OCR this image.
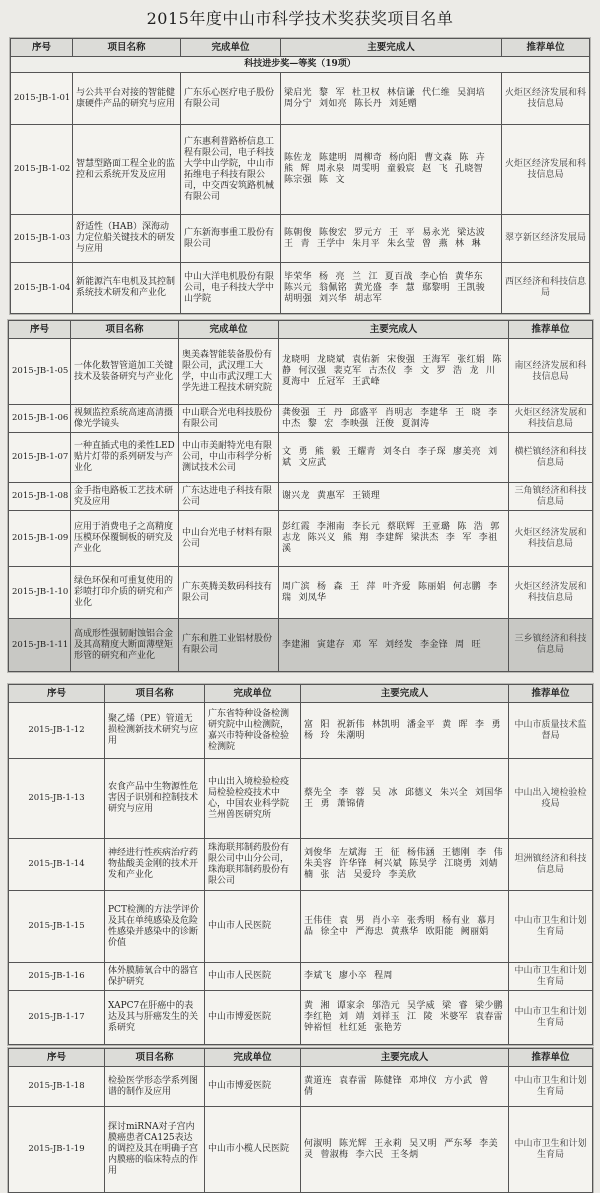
2015年度中山市科学技术奖获奖项目名单
序号	项目名称	完成单位	主要完成人	推荐单位
科技进步奖—等奖（19项）				
2015-JB-1-01	与公共平台对接的智能健康硬件产品的研究与应用	广东乐心医疗电子股份有限公司	梁启光 黎 军 杜卫权 林信谦 代仁维 吴润培 周分宁 刘如亮 陈长丹 刘延赠	火炬区经济发展和科技信息局
2015-JB-1-02	智慧型路面工程全业的监控和云系统开发及应用	广东惠利普路桥信息工程有限公司，电子科技大学中山学院，中山市拓维电子科技有限公司，中交西安筑路机械有限公司	陈佐龙 陈建明 周柳奇 杨向阳 曹文森 陈 卉 熊 辉 周永泉 周雯明 童毅宸 赵 飞 孔晓智 陈宗强 陈 文	火炬区经济发展和科技信息局
2015-JB-1-03	舒适性（HAB）深海动力定位船关键技术的研发与应用	广东新海事重工股份有限公司	陈朝俊 陈俊宏 罗元方 王 平 易永光 梁达波 王 青 王学中 朱月平 朱幺莹 曾 燕 林 琳	翠亨新区经济发展局
2015-JB-1-04	新能源汽车电机及其控制系统技术研发和产业化	中山大洋电机股份有限公司，电子科技大学中山学院	毕荣华 杨 亮 兰 江 夏百战 李心怡 黄华东 陈兴元 翁佩铭 黄光盛 李 慧 鄢黎明 王凯骏 胡明强 刘兴华 胡志军	西区经济和科技信息局
序号	项目名称	完成单位	主要完成人	推荐单位
2015-JB-1-05	一体化数智管道加工关键技术及装备研究与产业化	奥美森智能装备股份有限公司，武汉理工大学，中山市武汉理工大学先进工程技术研究院	龙晓明 龙晓斌 袁佑新 宋俊强 王海军 张红娟 陈 静 何汉强 裴克军 古杰仪 李 文 罗 浩 龙 川 夏海中 丘冠军 王武峰	南区经济发展和科技信息局
2015-JB-1-06	视频监控系统高速高清摄像光学镜头	中山联合光电科技股份有限公司	龚俊强 王 丹 邱盛平 肖明志 李建华 王 晓 李中杰 黎 宏 李映强 汪俊 夏洞涛	火炬区经济发展和科技信息局
2015-JB-1-07	一种直插式电的柔性LED贴片灯带的系列研发与产业化	中山市美耐特光电有限公司，中山市科学分析测试技术公司	文 勇 熊 毅 王耀青 刘冬白 李子琛 廖美亮 刘 斌 文应武	横栏镇经济和科技信息局
2015-JB-1-08	金手指电路板工艺技术研究及应用	广东达进电子科技有限公司	谢兴龙 黄惠军 王锁理	三角镇经济和科技信息局
2015-JB-1-09	应用于消费电子之高精度压模环保覆铜板的研究及产业化	中山台光电子材料有限公司	彭红霞 李湘南 李长元 蔡联辉 王亚璐 陈 浩 郭志龙 陈兴义 熊 翔 李建辉 梁洪杰 李 军 李祖溪	火炬区经济发展和科技信息局
2015-JB-1-10	绿色环保和可重复使用的彩喷打印介质的研究和产业化	广东英腾美数码科技有限公司	周广滨 杨 森 王 萍 叶齐爱 陈丽娟 何志鹏 李 瑞 刘凤华	火炬区经济发展和科技信息局
2015-JB-1-11	高成形性强韧耐蚀铝合金及其高精度大断面薄壁矩形管的研究和产业化	广东和胜工业铝材股份有限公司	李建湘 寅建存 邓 军 刘经发 李金锋 周 旺	三乡镇经济和科技信息局
序号	项目名称	完成单位	主要完成人	推荐单位
2015-JB-1-12	聚乙烯（PE）管道无损检测新技术研究与应用	广东省特种设备检测研究院中山检测院，嘉兴市特种设备检验检测院	富 阳 祝新伟 林凯明 潘金平 黄 晖 李 勇 杨 玲 朱潮明	中山市质量技术监督局
2015-JB-1-13	农食产品中生物源性危害因子识别和控制技术研究与应用	中山出入境检验检疫局检验检疫技术中心，中国农业科学院兰州兽医研究所	蔡先全 李 蓉 吴 冰 邱德义 朱兴全 刘国华 王 勇 萧锦倩	中山出入境检验检疫局
2015-JB-1-14	神经进行性疾病治疗药物盐酸美金刚的技术开发和产业化	珠海联邦制药股份有限公司中山分公司，珠海联邦制药股份有限公司	刘俊华 左斌海 王 征 杨伟涵 王德刚 李 伟 朱美容 许华锋 柯兴斌 陈昊学 江晓勇 刘婧楠 张 洁 吴爱玲 李美欣	坦洲镇经济和科技信息局
2015-JB-1-15	PCT检测的方法学评价及其在单纯感染及危险性感染并感染中的诊断价值	中山市人民医院	王伟佳 袁 男 肖小辛 张秀明 杨有业 慕月晶 徐全中 严海忠 黄燕华 欧阳能 阙丽娟	中山市卫生和计划生育局
2015-JB-1-16	体外膜肺氧合中的器官保护研究	中山市人民医院	李斌飞 廖小卒 程周	中山市卫生和计划生育局
2015-JB-1-17	XAPC7在肝癌中的表达及其与肝癌发生的关系研究	中山市博爱医院	黄 湘 谭家余 邬浩元 吴学威 梁 睿 梁少鹏 李红艳 刘 靖 刘祥玉 江 陵 米婆军 袁春雷 钟裕恒 杜红延 张艳芳	中山市卫生和计划生育局
序号	项目名称	完成单位	主要完成人	推荐单位
2015-JB-1-18	检验医学形态学系列图谱的制作及应用	中山市博爱医院	黄道连 袁春雷 陈健锋 邓坤仪 方小武 曾 倩	中山市卫生和计划生育局
2015-JB-1-19	探讨miRNA对子宫内膜癌患者CA125表达的调控及其在明确子宫内膜癌的临床特点的作用	中山市小榄人民医院	何淑明 陈光辉 王永莉 吴又明 严东琴 李美灵 曾淑梅 李六民 王冬炳	中山市卫生和计划生育局
